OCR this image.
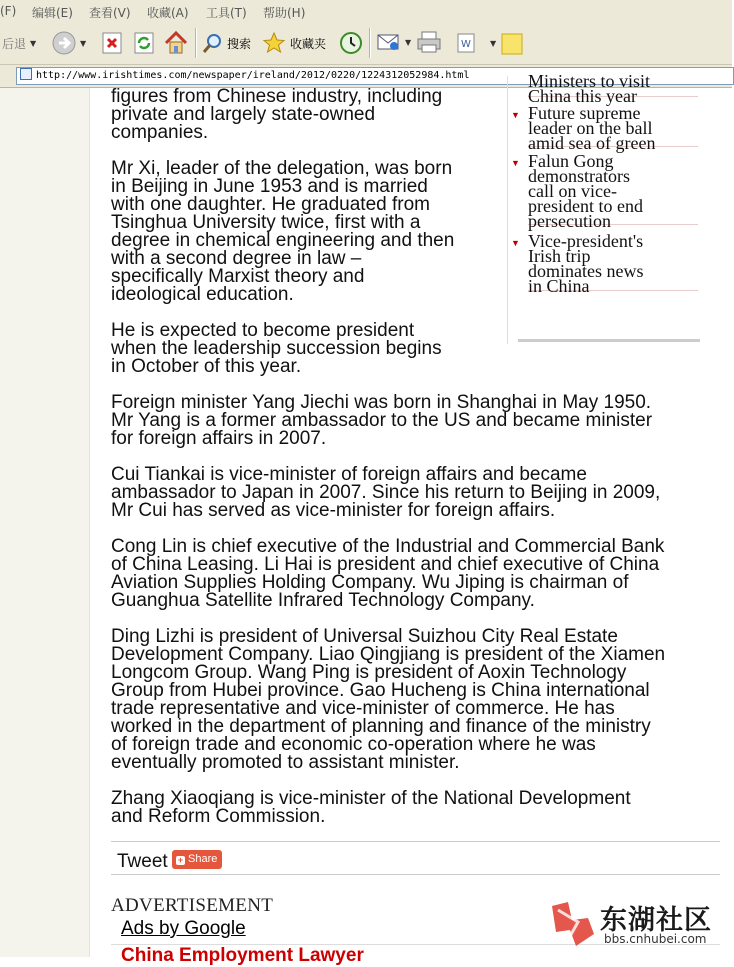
(F) 编辑(E) 查看(V) 收藏(A) 工具(T) 帮助(H)
后退 ▼	▼	搜索	收藏夹	▼	W ▼
http://www.irishtimes.com/newspaper/ireland/2012/0220/1224312052984.html

figures from Chinese industry, including
private and largely state-owned
companies.

Mr Xi, leader of the delegation, was born
in Beijing in June 1953 and is married
with one daughter. He graduated from
Tsinghua University twice, first with a
degree in chemical engineering and then
with a second degree in law –
specifically Marxist theory and
ideological education.

He is expected to become president
when the leadership succession begins
in October of this year.

Ministers to visit
China this year
▼ Future supreme
leader on the ball
amid sea of green
▼ Falun Gong
demonstrators
call on vice-
president to end
persecution
▼ Vice-president's
Irish trip
dominates news
in China

Foreign minister Yang Jiechi was born in Shanghai in May 1950.
Mr Yang is a former ambassador to the US and became minister
for foreign affairs in 2007.

Cui Tiankai is vice-minister of foreign affairs and became
ambassador to Japan in 2007. Since his return to Beijing in 2009,
Mr Cui has served as vice-minister for foreign affairs.

Cong Lin is chief executive of the Industrial and Commercial Bank
of China Leasing. Li Hai is president and chief executive of China
Aviation Supplies Holding Company. Wu Jiping is chairman of
Guanghua Satellite Infrared Technology Company.

Ding Lizhi is president of Universal Suizhou City Real Estate
Development Company. Liao Qingjiang is president of the Xiamen
Longcom Group. Wang Ping is president of Aoxin Technology
Group from Hubei province. Gao Hucheng is China international
trade representative and vice-minister of commerce. He has
worked in the department of planning and finance of the ministry
of foreign trade and economic co-operation where he was
eventually promoted to assistant minister.

Zhang Xiaoqiang is vice-minister of the National Development
and Reform Commission.

Tweet	+ Share
ADVERTISEMENT
Ads by Google
China Employment Lawyer
东湖社区
bbs.cnhubei.com
